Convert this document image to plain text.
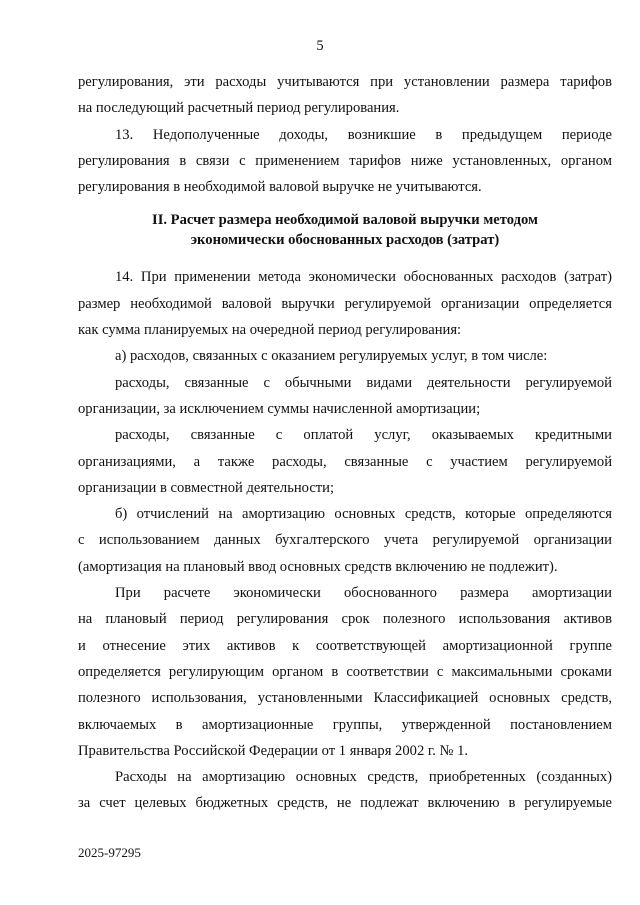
5
регулирования, эти расходы учитываются при установлении размера тарифов
на последующий расчетный период регулирования.
13. Недополученные доходы, возникшие в предыдущем периоде
регулирования в связи с применением тарифов ниже установленных, органом
регулирования в необходимой валовой выручке не учитываются.
II. Расчет размера необходимой валовой выручки методом
экономически обоснованных расходов (затрат)
14. При применении метода экономически обоснованных расходов (затрат)
размер необходимой валовой выручки регулируемой организации определяется
как сумма планируемых на очередной период регулирования:
а) расходов, связанных с оказанием регулируемых услуг, в том числе:
расходы, связанные с обычными видами деятельности регулируемой
организации, за исключением суммы начисленной амортизации;
расходы, связанные с оплатой услуг, оказываемых кредитными
организациями, а также расходы, связанные с участием регулируемой
организации в совместной деятельности;
б) отчислений на амортизацию основных средств, которые определяются
с использованием данных бухгалтерского учета регулируемой организации
(амортизация на плановый ввод основных средств включению не подлежит).
При расчете экономически обоснованного размера амортизации
на плановый период регулирования срок полезного использования активов
и отнесение этих активов к соответствующей амортизационной группе
определяется регулирующим органом в соответствии с максимальными сроками
полезного использования, установленными Классификацией основных средств,
включаемых в амортизационные группы, утвержденной постановлением
Правительства Российской Федерации от 1 января 2002 г. № 1.
Расходы на амортизацию основных средств, приобретенных (созданных)
за счет целевых бюджетных средств, не подлежат включению в регулируемые
2025-97295
